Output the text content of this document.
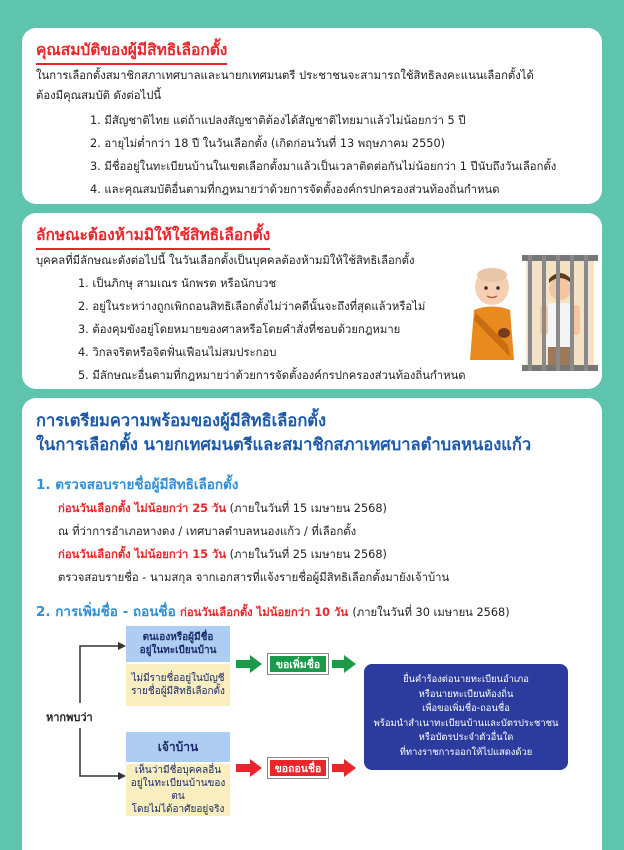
คุณสมบัติของผู้มีสิทธิเลือกตั้ง
ในการเลือกตั้งสมาชิกสภาเทศบาลและนายกเทศมนตรี ประชาชนจะสามารถใช้สิทธิลงคะแนนเลือกตั้งได้
ต้องมีคุณสมบัติ ดังต่อไปนี้
1. มีสัญชาติไทย แต่ถ้าแปลงสัญชาติต้องได้สัญชาติไทยมาแล้วไม่น้อยกว่า 5 ปี
2. อายุไม่ต่ำกว่า 18 ปี ในวันเลือกตั้ง (เกิดก่อนวันที่ 13 พฤษภาคม 2550)
3. มีชื่ออยู่ในทะเบียนบ้านในเขตเลือกตั้งมาแล้วเป็นเวลาติดต่อกันไม่น้อยกว่า 1 ปีนับถึงวันเลือกตั้ง
4. และคุณสมบัติอื่นตามที่กฎหมายว่าด้วยการจัดตั้งองค์กรปกครองส่วนท้องถิ่นกำหนด
ลักษณะต้องห้ามมิให้ใช้สิทธิเลือกตั้ง
บุคคลที่มีลักษณะดังต่อไปนี้ ในวันเลือกตั้งเป็นบุคคลต้องห้ามมิให้ใช้สิทธิเลือกตั้ง
1. เป็นภิกษุ สามเณร นักพรต หรือนักบวช
2. อยู่ในระหว่างถูกเพิกถอนสิทธิเลือกตั้งไม่ว่าคดีนั้นจะถึงที่สุดแล้วหรือไม่
3. ต้องคุมขังอยู่โดยหมายของศาลหรือโดยคำสั่งที่ชอบด้วยกฎหมาย
4. วิกลจริตหรือจิตฟั่นเฟือนไม่สมประกอบ
5. มีลักษณะอื่นตามที่กฎหมายว่าด้วยการจัดตั้งองค์กรปกครองส่วนท้องถิ่นกำหนด
การเตรียมความพร้อมของผู้มีสิทธิเลือกตั้ง
ในการเลือกตั้ง นายกเทศมนตรีและสมาชิกสภาเทศบาลตำบลหนองแก้ว
1. ตรวจสอบรายชื่อผู้มีสิทธิเลือกตั้ง
ก่อนวันเลือกตั้ง ไม่น้อยกว่า 25 วัน (ภายในวันที่ 15 เมษายน 2568)
ณ ที่ว่าการอำเภอหางดง / เทศบาลตำบลหนองแก้ว / ที่เลือกตั้ง
ก่อนวันเลือกตั้ง ไม่น้อยกว่า 15 วัน (ภายในวันที่ 25 เมษายน 2568)
ตรวจสอบรายชื่อ - นามสกุล จากเอกสารที่แจ้งรายชื่อผู้มีสิทธิเลือกตั้งมายังเจ้าบ้าน
2. การเพิ่มชื่อ - ถอนชื่อ ก่อนวันเลือกตั้ง ไม่น้อยกว่า 10 วัน (ภายในวันที่ 30 เมษายน 2568)
หากพบว่า
ตนเองหรือผู้มีชื่อ
อยู่ในทะเบียนบ้าน
ไม่มีรายชื่ออยู่ในบัญชี
รายชื่อผู้มีสิทธิเลือกตั้ง
ขอเพิ่มชื่อ
เจ้าบ้าน
เห็นว่ามีชื่อบุคคลอื่น
อยู่ในทะเบียนบ้านของตน
โดยไม่ได้อาศัยอยู่จริง
ขอถอนชื่อ
ยื่นคำร้องต่อนายทะเบียนอำเภอ
หรือนายทะเบียนท้องถิ่น
เพื่อขอเพิ่มชื่อ-ถอนชื่อ
พร้อมนำสำเนาทะเบียนบ้านและบัตรประชาชน
หรือบัตรประจำตัวอื่นใด
ที่ทางราชการออกให้ไปแสดงด้วย
